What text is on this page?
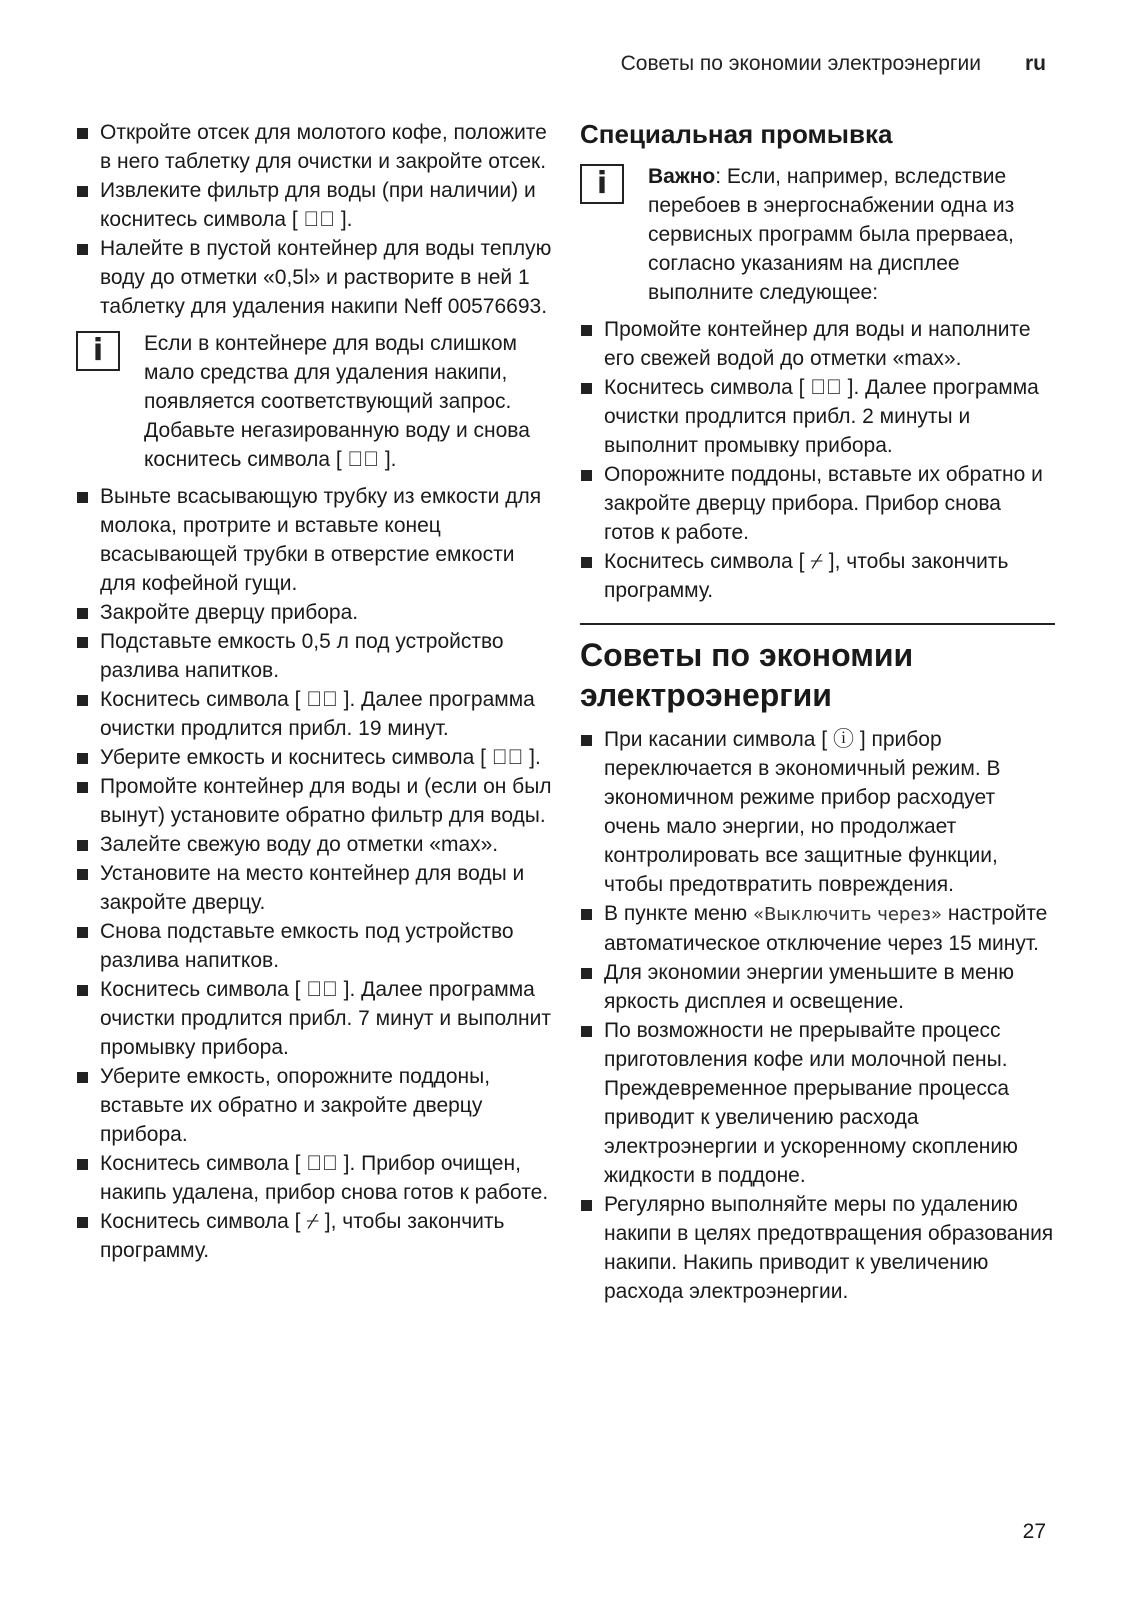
Советы по экономии электроэнергии ru

Откройте отсек для молотого кофе, положите в него таблетку для очистки и закройте отсек.

Извлеките фильтр для воды (при наличии) и коснитесь символа [ ▷⃝ ].

Налейте в пустой контейнер для воды теплую воду до отметки «0,5l» и растворите в ней 1 таблетку для удаления накипи Neff 00576693.

i	Если в контейнере для воды слишком мало средства для удаления накипи, появляется соответствующий запрос. Добавьте негазированную воду и снова коснитесь символа [ ▷⃝ ].

Выньте всасывающую трубку из емкости для молока, протрите и вставьте конец всасывающей трубки в отверстие емкости для кофейной гущи.

Закройте дверцу прибора.

Подставьте емкость 0,5 л под устройство разлива напитков.

Коснитесь символа [ ▷⃝ ]. Далее программа очистки продлится прибл. 19 минут.

Уберите емкость и коснитесь символа [ ▷⃝ ].

Промойте контейнер для воды и (если он был вынут) установите обратно фильтр для воды.

Залейте свежую воду до отметки «max».

Установите на место контейнер для воды и закройте дверцу.

Снова подставьте емкость под устройство разлива напитков.

Коснитесь символа [ ▷⃝ ]. Далее программа очистки продлится прибл. 7 минут и выполнит промывку прибора.

Уберите емкость, опорожните поддоны, вставьте их обратно и закройте дверцу прибора.

Коснитесь символа [ ▷⃝ ]. Прибор очищен, накипь удалена, прибор снова готов к работе.

Коснитесь символа [ ⌿ ], чтобы закончить программу.

Специальная промывка
i	Важно: Если, например, вследствие перебоев в энергоснабжении одна из сервисных программ была прерваеа, согласно указаниям на дисплее выполните следующее:

Промойте контейнер для воды и наполните его свежей водой до отметки «max».

Коснитесь символа [ ▷⃝ ]. Далее программа очистки продлится прибл. 2 минуты и выполнит промывку прибора.

Опорожните поддоны, вставьте их обратно и закройте дверцу прибора. Прибор снова готов к работе.

Коснитесь символа [ ⌿ ], чтобы закончить программу.

Советы по экономии электроэнергии

При касании символа [ ⓘ ] прибор переключается в экономичный режим. В экономичном режиме прибор расходует очень мало энергии, но продолжает контролировать все защитные функции, чтобы предотвратить повреждения.

В пункте меню «Выключить через» настройте автоматическое отключение через 15 минут.

Для экономии энергии уменьшите в меню яркость дисплея и освещение.

По возможности не прерывайте процесс приготовления кофе или молочной пены. Преждевременное прерывание процесса приводит к увеличению расхода электроэнергии и ускоренному скоплению жидкости в поддоне.

Регулярно выполняйте меры по удалению накипи в целях предотвращения образования накипи. Накипь приводит к увеличению расхода электроэнергии.

27
